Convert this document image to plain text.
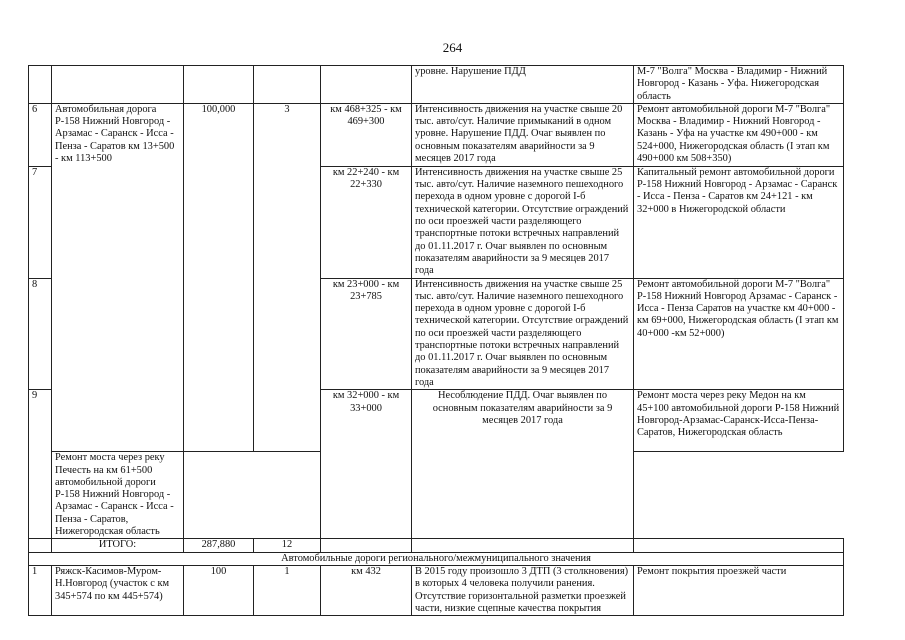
264
					уровне. Нарушение ПДД	М-7 "Волга" Москва - Владимир - Нижний Новгород - Казань - Уфа. Нижегородская область
6	Автомобильная дорога Р-158 Нижний Новгород - Арзамас - Саранск - Исса - Пенза - Саратов км 13+500 - км 113+500	100,000	3	км 468+325 - км 469+300	Интенсивность движения на участке свыше 20 тыс. авто/сут. Наличие примыканий в одном уровне. Нарушение ПДД. Очаг выявлен по основным показателям аварийности за 9 месяцев 2017 года	Ремонт автомобильной дороги М-7 "Волга" Москва - Владимир - Нижний Новгород - Казань - Уфа на участке км 490+000 - км 524+000, Нижегородская область (I этап км 490+000 км 508+350)
7				км 22+240 - км 22+330	Интенсивность движения на участке свыше 25 тыс. авто/сут. Наличие наземного пешеходного перехода в одном уровне с дорогой I-б технической категории. Отсутствие ограждений по оси проезжей части разделяющего транспортные потоки встречных направлений до 01.11.2017 г. Очаг выявлен по основным показателям аварийности за 9 месяцев 2017 года	Капитальный ремонт автомобильной дороги Р-158 Нижний Новгород - Арзамас - Саранск - Исса - Пенза - Саратов км 24+121 - км 32+000 в Нижегородской области
8				км 23+000 - км 23+785	Интенсивность движения на участке свыше 25 тыс. авто/сут. Наличие наземного пешеходного перехода в одном уровне с дорогой I-б технической категории. Отсутствие ограждений по оси проезжей части разделяющего транспортные потоки встречных направлений до 01.11.2017 г. Очаг выявлен по основным показателям аварийности за 9 месяцев 2017 года	Ремонт автомобильной дороги М-7 "Волга" Р-158 Нижний Новгород Арзамас - Саранск - Исса - Пенза Саратов на участке км 40+000 - км 69+000, Нижегородская область (I этап км 40+000 -км 52+000)
9				км 32+000 - км 33+000	Несоблюдение ПДД. Очаг выявлен по основным показателям аварийности за 9 месяцев 2017 года	Ремонт моста через реку Медон на км 45+100 автомобильной дороги Р-158 Нижний Новгород-Арзамас-Саранск-Исса-Пенза-Саратов, Нижегородская область
	Ремонт моста через реку Печесть на км 61+500 автомобильной дороги Р-158 Нижний Новгород - Арзамас - Саранск - Исса - Пенза - Саратов, Нижегородская область					
	ИТОГО:	287,880	12			
Автомобильные дороги регионального/межмуниципального значения						
1	Ряжск-Касимов-Муром-Н.Новгород (участок с км 345+574 по км 445+574)	100	1	км 432	В 2015 году произошло 3 ДТП (3 столкновения) в которых 4 человека получили ранения. Отсутствие горизонтальной разметки проезжей части, низкие сцепные качества покрытия	Ремонт покрытия проезжей части
